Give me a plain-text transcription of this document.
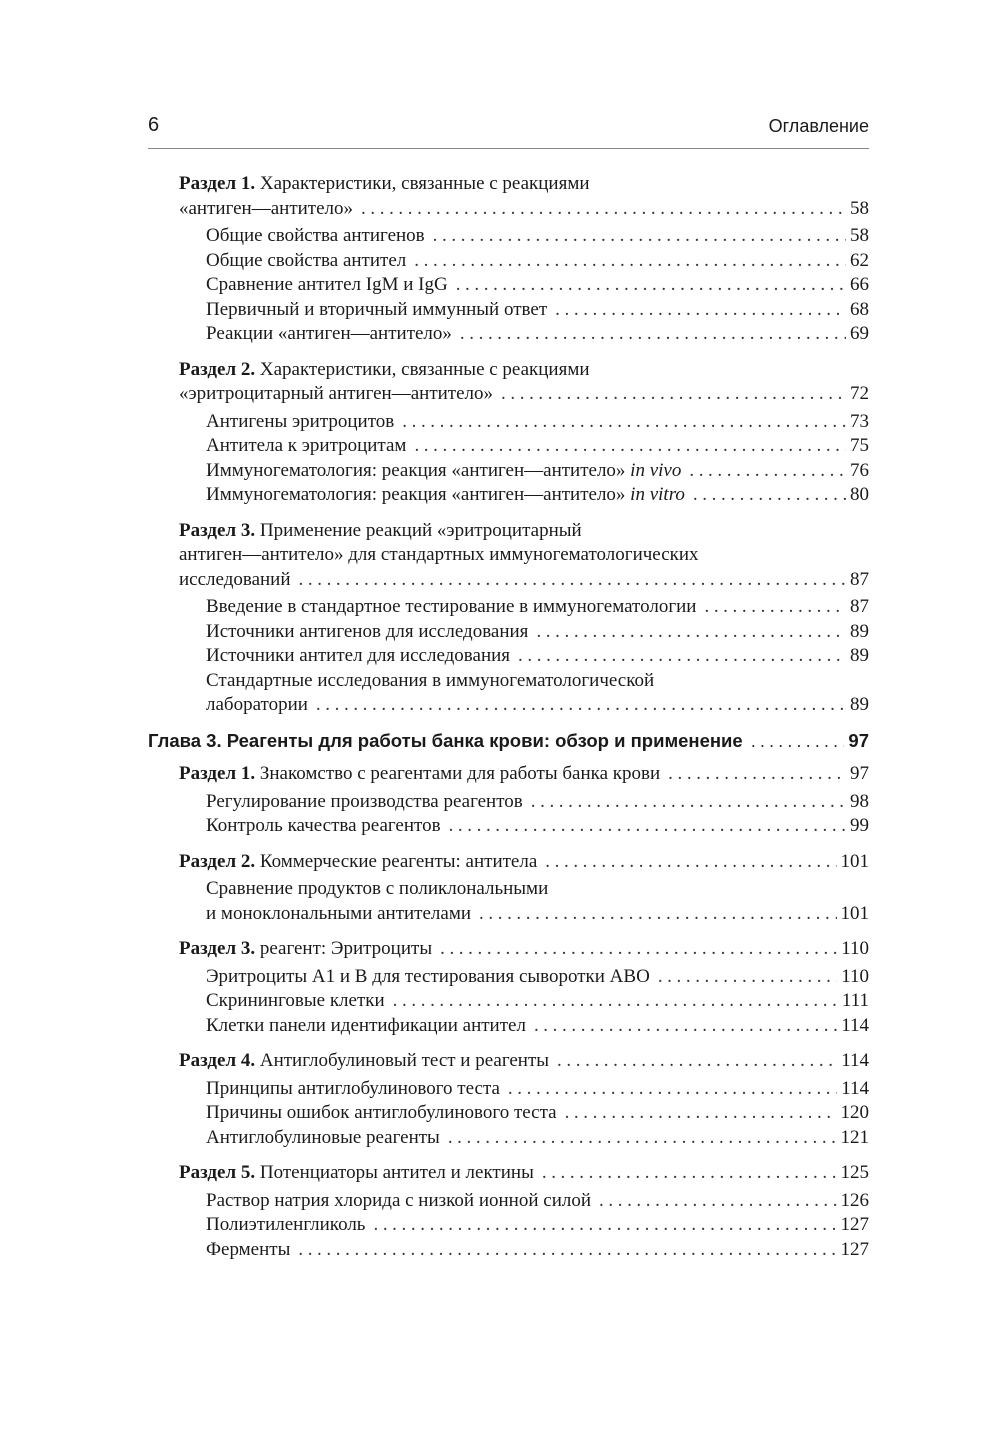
6	Оглавление
Раздел 1. Характеристики, связанные с реакциями
«антиген—антитело» .....	58
Общие свойства антигенов .....	58
Общие свойства антител .....	62
Сравнение антител IgM и IgG .....	66
Первичный и вторичный иммунный ответ .....	68
Реакции «антиген—антитело» .....	69
Раздел 2. Характеристики, связанные с реакциями
«эритроцитарный антиген—антитело» .....	72
Антигены эритроцитов .....	73
Антитела к эритроцитам .....	75
Иммуногематология: реакция «антиген—антитело» in vivo .....	76
Иммуногематология: реакция «антиген—антитело» in vitro .....	80
Раздел 3. Применение реакций «эритроцитарный
антиген—антитело» для стандартных иммуногематологических
исследований .....	87
Введение в стандартное тестирование в иммуногематологии .....	87
Источники антигенов для исследования .....	89
Источники антител для исследования .....	89
Стандартные исследования в иммуногематологической
лаборатории .....	89
Глава 3. Реагенты для работы банка крови: обзор и применение .....	97
Раздел 1. Знакомство с реагентами для работы банка крови .....	97
Регулирование производства реагентов .....	98
Контроль качества реагентов .....	99
Раздел 2. Коммерческие реагенты: антитела .....	101
Сравнение продуктов с поликлональными
и моноклональными антителами .....	101
Раздел 3. реагент: Эритроциты .....	110
Эритроциты А1 и В для тестирования сыворотки АВО .....	110
Скрининговые клетки .....	111
Клетки панели идентификации антител .....	114
Раздел 4. Антиглобулиновый тест и реагенты .....	114
Принципы антиглобулинового теста .....	114
Причины ошибок антиглобулинового теста .....	120
Антиглобулиновые реагенты .....	121
Раздел 5. Потенциаторы антител и лектины .....	125
Раствор натрия хлорида с низкой ионной силой .....	126
Полиэтиленгликоль .....	127
Ферменты .....	127
